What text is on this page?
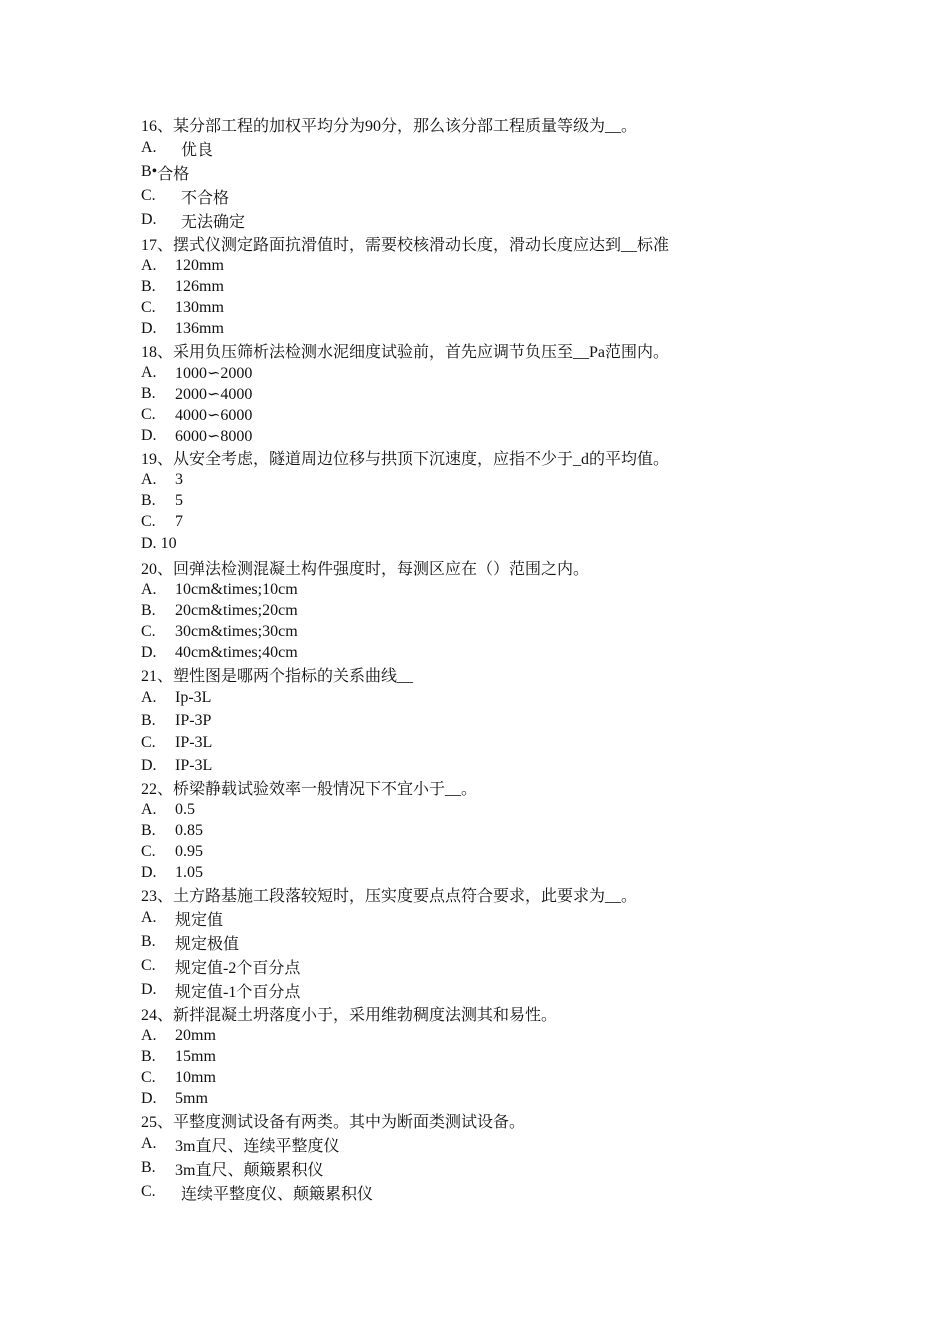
16、某分部工程的加权平均分为90分，那么该分部工程质量等级为__。
A.	优良
B• 合格
C.	不合格
D.	无法确定
17、摆式仪测定路面抗滑值时，需要校核滑动长度，滑动长度应达到__标准
A.	120mm
B.	126mm
C.	130mm
D.	136mm
18、采用负压筛析法检测水泥细度试验前，首先应调节负压至__Pa范围内。
A.	1000∽2000
B.	2000∽4000
C.	4000∽6000
D.	6000∽8000
19、从安全考虑，隧道周边位移与拱顶下沉速度，应指不少于_d的平均值。
A.	3
B.	5
C.	7
D.
10
20、回弹法检测混凝土构件强度时，每测区应在（）范围之内。
A.	10cm&times;10cm
B.	20cm&times;20cm
C.	30cm&times;30cm
D.	40cm&times;40cm
21、塑性图是哪两个指标的关系曲线__
A.	Ip-3L
B.	IP-3P
C.	IP-3L
D.	IP-3L
22、桥梁静载试验效率一般情况下不宜小于__。
A.	0.5
B.	0.85
C.	0.95
D.	1.05
23、土方路基施工段落较短时，压实度要点点符合要求，此要求为__。
A.	规定值
B.	规定极值
C.	规定值-2个百分点
D.	规定值-1个百分点
24、新拌混凝土坍落度小于，采用维勃稠度法测其和易性。
A.	20mm
B.	15mm
C.	10mm
D.	5mm
25、平整度测试设备有两类。其中为断面类测试设备。
A.	3m直尺、连续平整度仪
B.	3m直尺、颠簸累积仪
C.	连续平整度仪、颠簸累积仪
